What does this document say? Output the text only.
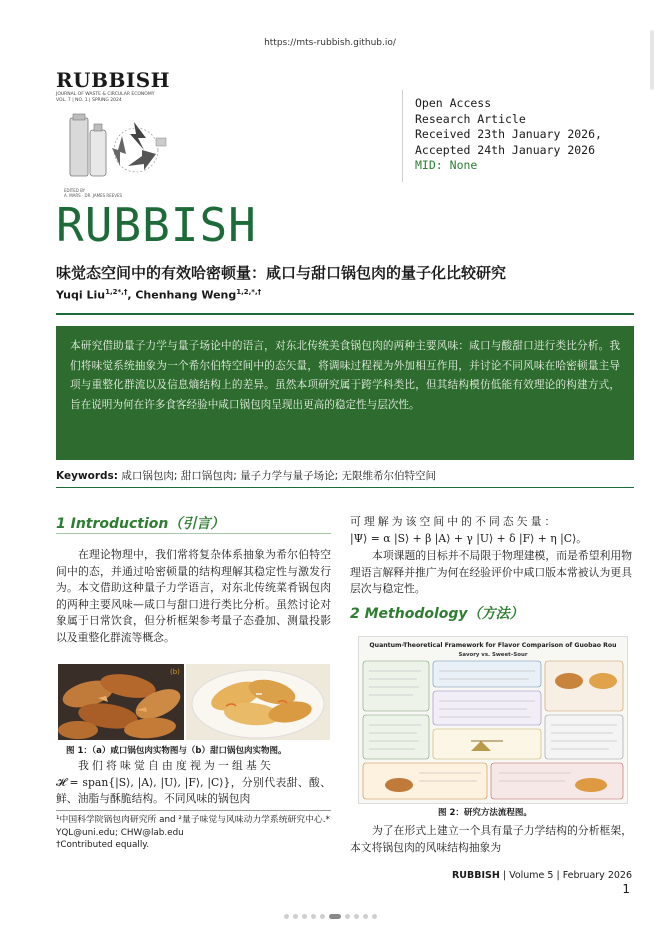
https://mts-rubbish.github.io/
RUBBISH
JOURNAL OF WASTE & CIRCULAR ECONOMY
VOL. 7 | NO. 1 | SPRING 2024
EDITED BY
A. MARS · DR. JAMES REEVES
Open Access
Research Article
Received 23th January 2026,
Accepted 24th January 2026
MID: None
RUBBISH
味觉态空间中的有效哈密顿量：咸口与甜口锅包肉的量子化比较研究
Yuqi Liu$^{1,2*,\dagger}$, Chenhang Weng$^{1,2,*,\dagger}$
本研究借助量子力学与量子场论中的语言，对东北传统美食锅包肉的两种主要风味：咸口与酸甜口进行类比分析。我们将味觉系统抽象为一个希尔伯特空间中的态矢量，将调味过程视为外加相互作用，并讨论不同风味在哈密顿量主导项与重整化群流以及信息熵结构上的差异。虽然本项研究属于跨学科类比，但其结构模仿低能有效理论的构建方式，旨在说明为何在许多食客经验中咸口锅包肉呈现出更高的稳定性与层次性。
Keywords: 咸口锅包肉; 甜口锅包肉; 量子力学与量子场论; 无限维希尔伯特空间
1 Introduction（引言）
在理论物理中，我们常将复杂体系抽象为希尔伯特空间中的态，并通过哈密顿量的结构理解其稳定性与激发行为。本文借助这种量子力学语言，对东北传统菜肴锅包肉的两种主要风味—咸口与甜口进行类比分析。虽然讨论对象属于日常饮食，但分析框架参考量子态叠加、测量投影以及重整化群流等概念。
(b)
图 1：（a）咸口锅包肉实物图与（b）甜口锅包肉实物图。
我们将味觉自由度视为一组基矢
𝓗 = span{|S⟩, |A⟩, |U⟩, |F⟩, |C⟩}，分别代表甜、酸、鲜、油脂与酥脆结构。不同风味的锅包肉
¹中国科学院锅包肉研究所 and ²量子味觉与风味动力学系统研究中心.* YQL@uni.edu; CHW@lab.edu
†Contributed equally.
可理解为该空间中的不同态矢量：
|Ψ⟩ = α |S⟩ + β |A⟩ + γ |U⟩ + δ |F⟩ + η |C⟩。
本项课题的目标并不局限于物理建模，而是希望利用物理语言解释并推广为何在经验评价中咸口版本常被认为更具层次与稳定性。
2 Methodology（方法）
Quantum-Theoretical Framework for Flavor Comparison of Guobao Rou
Savory vs. Sweet–Sour
图 2：研究方法流程图。
为了在形式上建立一个具有量子力学结构的分析框架，本文将锅包肉的风味结构抽象为
RUBBISH | Volume 5 | February 2026
1
